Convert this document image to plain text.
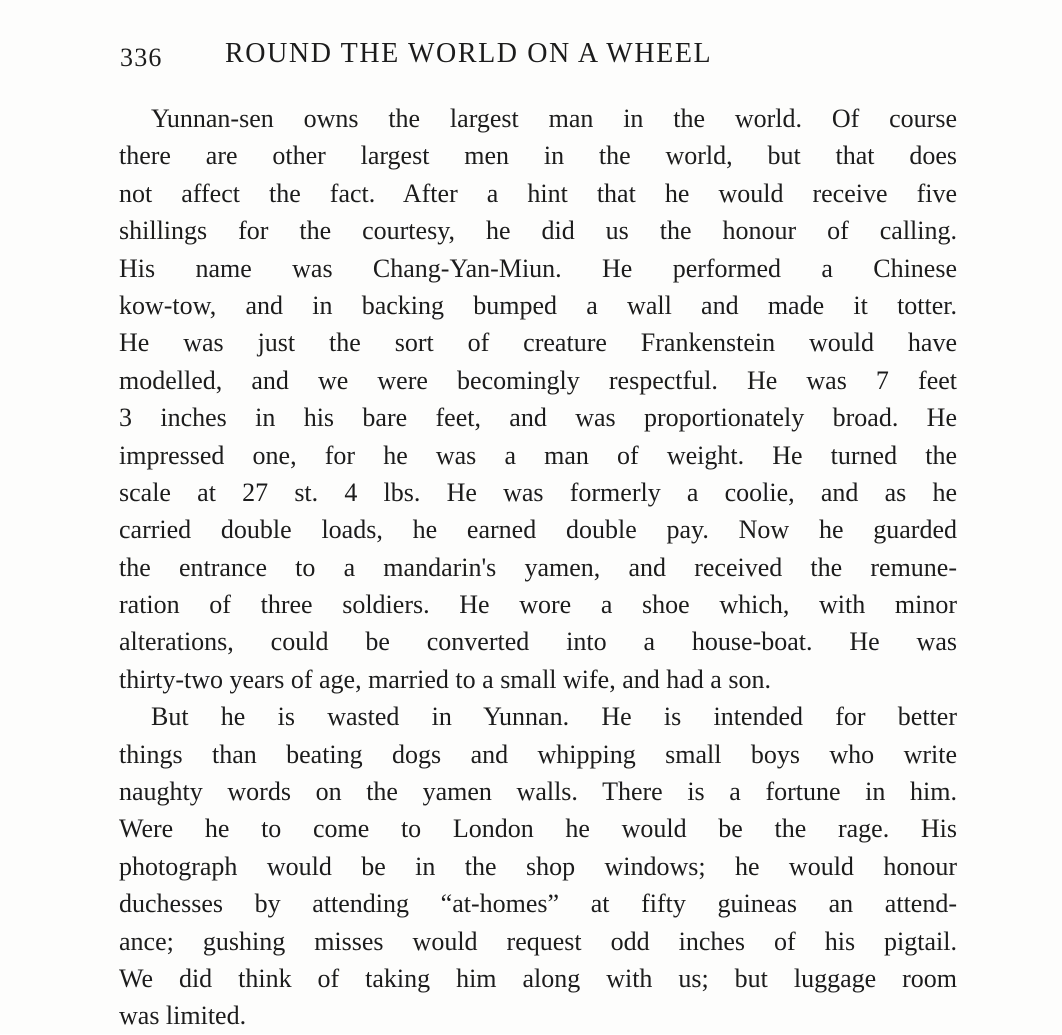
336 ROUND THE WORLD ON A WHEEL
Yunnan-sen owns the largest man in the world. Of course
there are other largest men in the world, but that does
not affect the fact. After a hint that he would receive five
shillings for the courtesy, he did us the honour of calling.
His name was Chang-Yan-Miun. He performed a Chinese
kow-tow, and in backing bumped a wall and made it totter.
He was just the sort of creature Frankenstein would have
modelled, and we were becomingly respectful. He was 7 feet
3 inches in his bare feet, and was proportionately broad. He
impressed one, for he was a man of weight. He turned the
scale at 27 st. 4 lbs. He was formerly a coolie, and as he
carried double loads, he earned double pay. Now he guarded
the entrance to a mandarin's yamen, and received the remune-
ration of three soldiers. He wore a shoe which, with minor
alterations, could be converted into a house-boat. He was
thirty-two years of age, married to a small wife, and had a son.
But he is wasted in Yunnan. He is intended for better
things than beating dogs and whipping small boys who write
naughty words on the yamen walls. There is a fortune in him.
Were he to come to London he would be the rage. His
photograph would be in the shop windows; he would honour
duchesses by attending “at-homes” at fifty guineas an attend-
ance; gushing misses would request odd inches of his pigtail.
We did think of taking him along with us; but luggage room
was limited.
